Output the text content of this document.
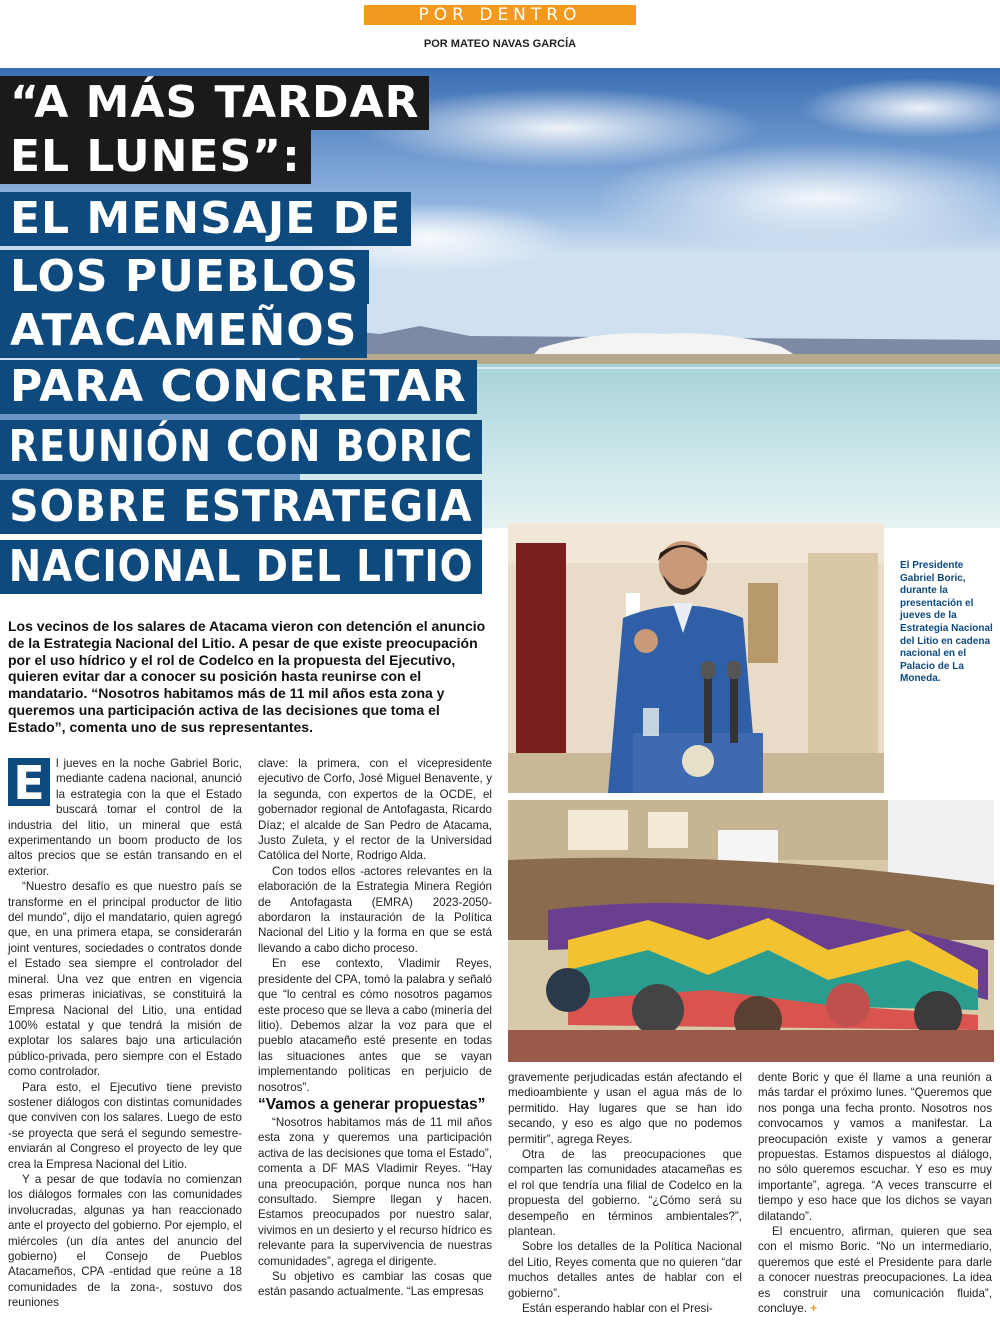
POR DENTRO
POR MATEO NAVAS GARCÍA
“A MÁS TARDAR
EL LUNES”:
EL MENSAJE DE
LOS PUEBLOS
ATACAMEÑOS
PARA CONCRETAR
REUNIÓN CON BORIC
SOBRE ESTRATEGIA
NACIONAL DEL LITIO	El Presidente Gabriel Boric, durante la presentación el jueves de la Estrategia Nacional del Litio en cadena nacional en el Palacio de La Moneda.

Los vecinos de los salares de Atacama vieron con detención el anuncio de la Estrategia Nacional del Litio. A pesar de que existe preocupación por el uso hídrico y el rol de Codelco en la propuesta del Ejecutivo, quieren evitar dar a conocer su posición hasta reunirse con el mandatario. “Nosotros habitamos más de 11 mil años esta zona y queremos una participación activa de las decisiones que toma el Estado”, comenta uno de sus representantes.

E l jueves en la noche Gabriel Boric, mediante cadena nacional, anunció la estrategia con la que el Estado buscará tomar el control de la industria del litio, un mineral que está experimentando un boom producto de los altos precios que se están transando en el exterior.

“Nuestro desafío es que nuestro país se transforme en el principal productor de litio del mundo”, dijo el mandatario, quien agregó que, en una primera etapa, se considerarán joint ventures, sociedades o contratos donde el Estado sea siempre el controlador del mineral. Una vez que entren en vigencia esas primeras iniciativas, se constituirá la Empresa Nacional del Litio, una entidad 100% estatal y que tendrá la misión de explotar los salares bajo una articulación público-privada, pero siempre con el Estado como controlador.

Para esto, el Ejecutivo tiene previsto sostener diálogos con distintas comunidades que conviven con los salares. Luego de esto -se proyecta que será el segundo semestre- enviarán al Congreso el proyecto de ley que crea la Empresa Nacional del Litio.

Y a pesar de que todavía no comienzan los diálogos formales con las comunidades involucradas, algunas ya han reaccionado ante el proyecto del gobierno. Por ejemplo, el miércoles (un día antes del anuncio del gobierno) el Consejo de Pueblos Atacameños, CPA -entidad que reúne a 18 comunidades de la zona-, sostuvo dos reuniones

clave: la primera, con el vicepresidente ejecutivo de Corfo, José Miguel Benavente, y la segunda, con expertos de la OCDE, el gobernador regional de Antofagasta, Ricardo Díaz; el alcalde de San Pedro de Atacama, Justo Zuleta, y el rector de la Universidad Católica del Norte, Rodrigo Alda.

Con todos ellos -actores relevantes en la elaboración de la Estrategia Minera Región de Antofagasta (EMRA) 2023-2050- abordaron la instauración de la Política Nacional del Litio y la forma en que se está llevando a cabo dicho proceso.

En ese contexto, Vladimir Reyes, presidente del CPA, tomó la palabra y señaló que “lo central es cómo nosotros pagamos este proceso que se lleva a cabo (minería del litio). Debemos alzar la voz para que el pueblo atacameño esté presente en todas las situaciones antes que se vayan implementando políticas en perjuicio de nosotros”.

“Vamos a generar propuestas”

“Nosotros habitamos más de 11 mil años esta zona y queremos una participación activa de las decisiones que toma el Estado”, comenta a DF MAS Vladimir Reyes. “Hay una preocupación, porque nunca nos han consultado. Siempre llegan y hacen. Estamos preocupados por nuestro salar, vivimos en un desierto y el recurso hídrico es relevante para la supervivencia de nuestras comunidades”, agrega el dirigente.

Su objetivo es cambiar las cosas que están pasando actualmente. “Las empresas

gravemente perjudicadas están afectando el medioambiente y usan el agua más de lo permitido. Hay lugares que se han ido secando, y eso es algo que no podemos permitir”, agrega Reyes.

Otra de las preocupaciones que comparten las comunidades atacameñas es el rol que tendría una filial de Codelco en la propuesta del gobierno. “¿Cómo será su desempeño en términos ambientales?”, plantean.

Sobre los detalles de la Política Nacional del Litio, Reyes comenta que no quieren “dar muchos detalles antes de hablar con el gobierno”.

Están esperando hablar con el Presi-

dente Boric y que él llame a una reunión a más tardar el próximo lunes. “Queremos que nos ponga una fecha pronto. Nosotros nos convocamos y vamos a manifestar. La preocupación existe y vamos a generar propuestas. Estamos dispuestos al diálogo, no sólo queremos escuchar. Y eso es muy importante”, agrega. “A veces transcurre el tiempo y eso hace que los dichos se vayan dilatando”.

El encuentro, afirman, quieren que sea con el mismo Boric. “No un intermediario, queremos que esté el Presidente para darle a conocer nuestras preocupaciones. La idea es construir una comunicación fluida”, concluye. +
